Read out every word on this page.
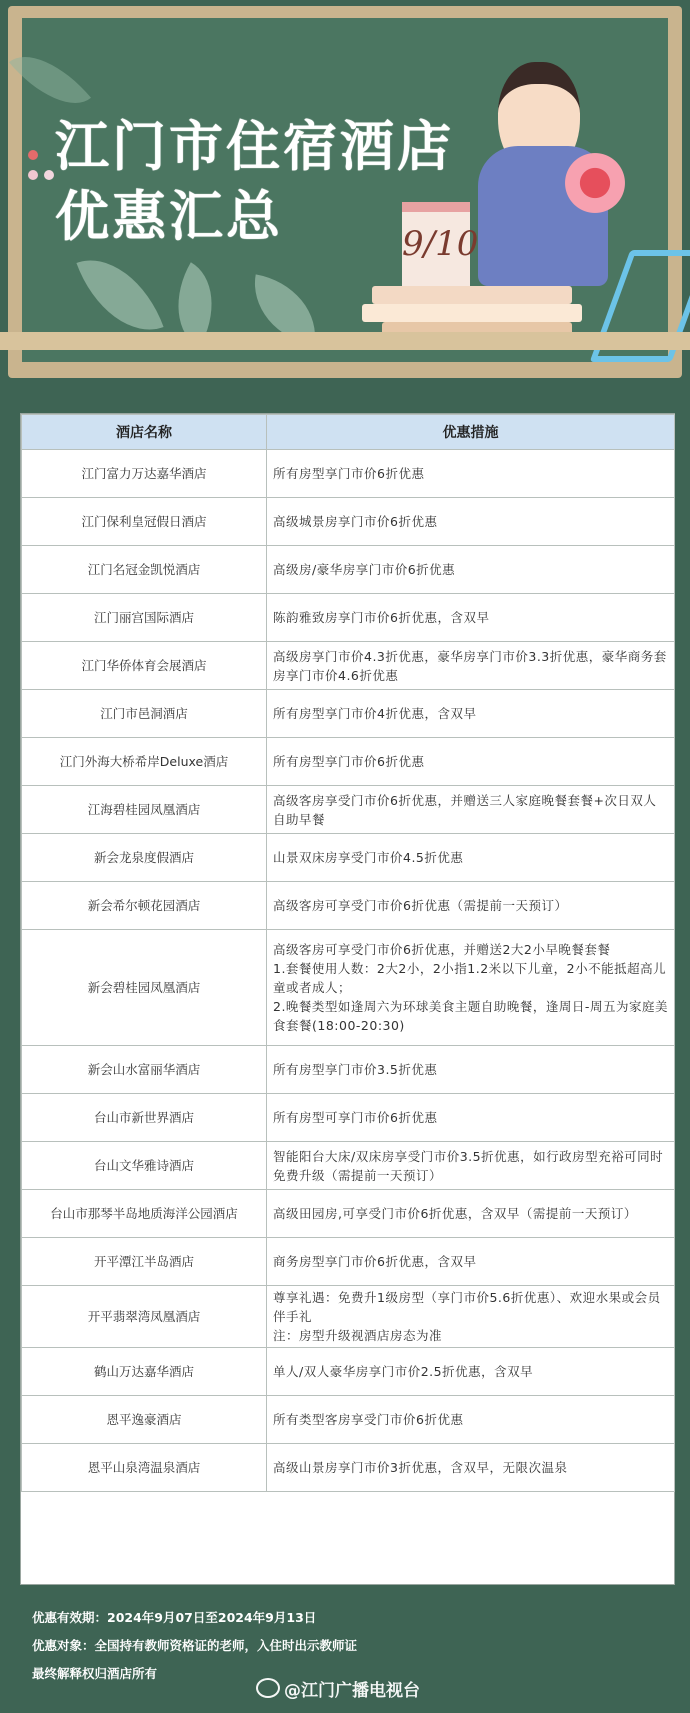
江门市住宿酒店
优惠汇总	9/10
酒店名称	优惠措施
江门富力万达嘉华酒店	所有房型享门市价6折优惠
江门保利皇冠假日酒店	高级城景房享门市价6折优惠
江门名冠金凯悦酒店	高级房/豪华房享门市价6折优惠
江门丽宫国际酒店	陈韵雅致房享门市价6折优惠，含双早
江门华侨体育会展酒店	高级房享门市价4.3折优惠，豪华房享门市价3.3折优惠，豪华商务套房享门市价4.6折优惠
江门市邑洞酒店	所有房型享门市价4折优惠，含双早
江门外海大桥希岸Deluxe酒店	所有房型享门市价6折优惠
江海碧桂园凤凰酒店	高级客房享受门市价6折优惠，并赠送三人家庭晚餐套餐+次日双人自助早餐
新会龙泉度假酒店	山景双床房享受门市价4.5折优惠
新会希尔顿花园酒店	高级客房可享受门市价6折优惠（需提前一天预订）
新会碧桂园凤凰酒店	高级客房可享受门市价6折优惠，并赠送2大2小早晚餐套餐
1.套餐使用人数：2大2小，2小指1.2米以下儿童，2小不能抵超高儿童或者成人；
2.晚餐类型如逢周六为环球美食主题自助晚餐，逢周日-周五为家庭美食套餐(18:00-20:30)
新会山水富丽华酒店	所有房型享门市价3.5折优惠
台山市新世界酒店	所有房型可享门市价6折优惠
台山文华雅诗酒店	智能阳台大床/双床房享受门市价3.5折优惠，如行政房型充裕可同时免费升级（需提前一天预订）
台山市那琴半岛地质海洋公园酒店	高级田园房,可享受门市价6折优惠，含双早（需提前一天预订）
开平潭江半岛酒店	商务房型享门市价6折优惠，含双早
开平翡翠湾凤凰酒店	尊享礼遇：免费升1级房型（享门市价5.6折优惠）、欢迎水果或会员伴手礼
注：房型升级视酒店房态为准
鹤山万达嘉华酒店	单人/双人豪华房享门市价2.5折优惠，含双早
恩平逸豪酒店	所有类型客房享受门市价6折优惠
恩平山泉湾温泉酒店	高级山景房享门市价3折优惠，含双早，无限次温泉
优惠有效期：2024年9月07日至2024年9月13日
优惠对象：全国持有教师资格证的老师，入住时出示教师证
最终解释权归酒店所有
@江门广播电视台
